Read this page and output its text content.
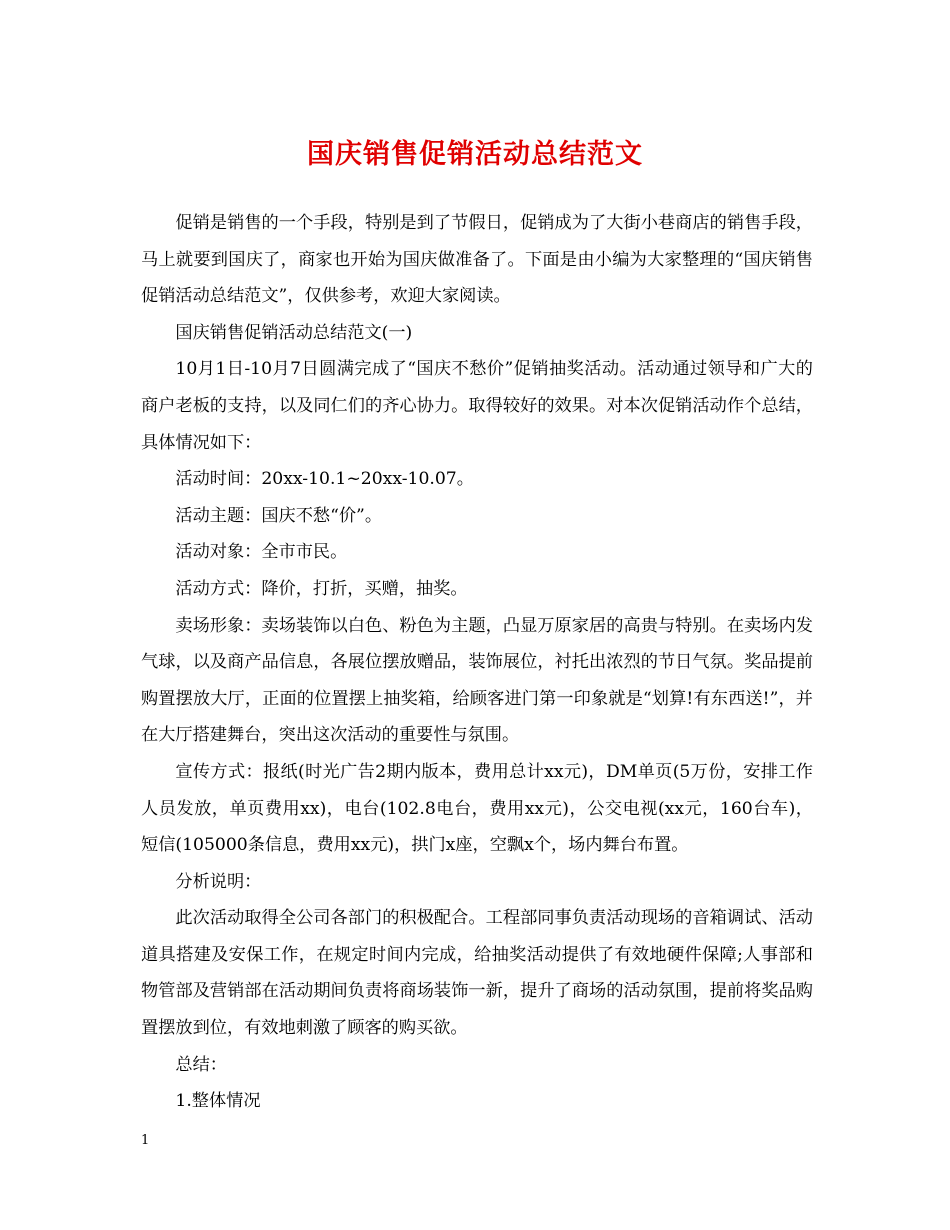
国庆销售促销活动总结范文

促销是销售的一个手段，特别是到了节假日，促销成为了大街小巷商店的销售手段，马上就要到国庆了，商家也开始为国庆做准备了。下面是由小编为大家整理的“国庆销售促销活动总结范文”，仅供参考，欢迎大家阅读。

国庆销售促销活动总结范文(一)

10月1日-10月7日圆满完成了“国庆不愁价”促销抽奖活动。活动通过领导和广大的商户老板的支持，以及同仁们的齐心协力。取得较好的效果。对本次促销活动作个总结，具体情况如下：

活动时间：20xx-10.1~20xx-10.07。

活动主题：国庆不愁“价”。

活动对象：全市市民。

活动方式：降价，打折，买赠，抽奖。

卖场形象：卖场装饰以白色、粉色为主题，凸显万原家居的高贵与特别。在卖场内发气球，以及商产品信息，各展位摆放赠品，装饰展位，衬托出浓烈的节日气氛。奖品提前购置摆放大厅，正面的位置摆上抽奖箱，给顾客进门第一印象就是“划算!有东西送!”，并在大厅搭建舞台，突出这次活动的重要性与氛围。

宣传方式：报纸(时光广告2期内版本，费用总计xx元)，DM单页(5万份，安排工作人员发放，单页费用xx)，电台(102.8电台，费用xx元)，公交电视(xx元，160台车)，短信(105000条信息，费用xx元)，拱门x座，空飘x个，场内舞台布置。

分析说明：

此次活动取得全公司各部门的积极配合。工程部同事负责活动现场的音箱调试、活动道具搭建及安保工作，在规定时间内完成，给抽奖活动提供了有效地硬件保障;人事部和物管部及营销部在活动期间负责将商场装饰一新，提升了商场的活动氛围，提前将奖品购置摆放到位，有效地刺激了顾客的购买欲。

总结：

1.整体情况

1
